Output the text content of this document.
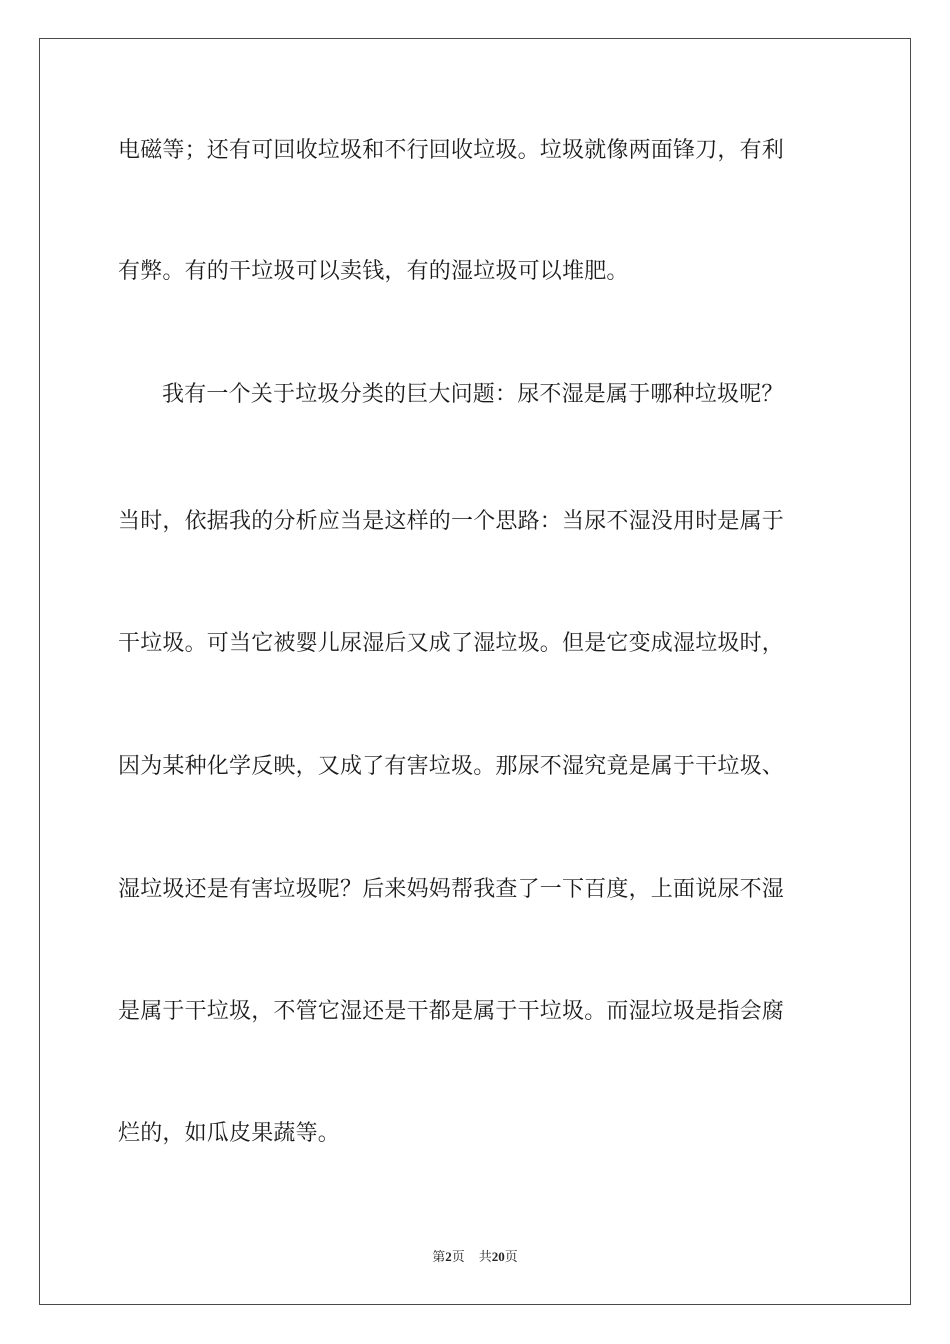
电磁等；还有可回收垃圾和不行回收垃圾。垃圾就像两面锋刀，有利
有弊。有的干垃圾可以卖钱，有的湿垃圾可以堆肥。
我有一个关于垃圾分类的巨大问题：尿不湿是属于哪种垃圾呢？
当时，依据我的分析应当是这样的一个思路：当尿不湿没用时是属于
干垃圾。可当它被婴儿尿湿后又成了湿垃圾。但是它变成湿垃圾时，
因为某种化学反映，又成了有害垃圾。那尿不湿究竟是属于干垃圾、
湿垃圾还是有害垃圾呢？后来妈妈帮我查了一下百度，上面说尿不湿
是属于干垃圾，不管它湿还是干都是属于干垃圾。而湿垃圾是指会腐
烂的，如瓜皮果蔬等。
第2页 共20页
